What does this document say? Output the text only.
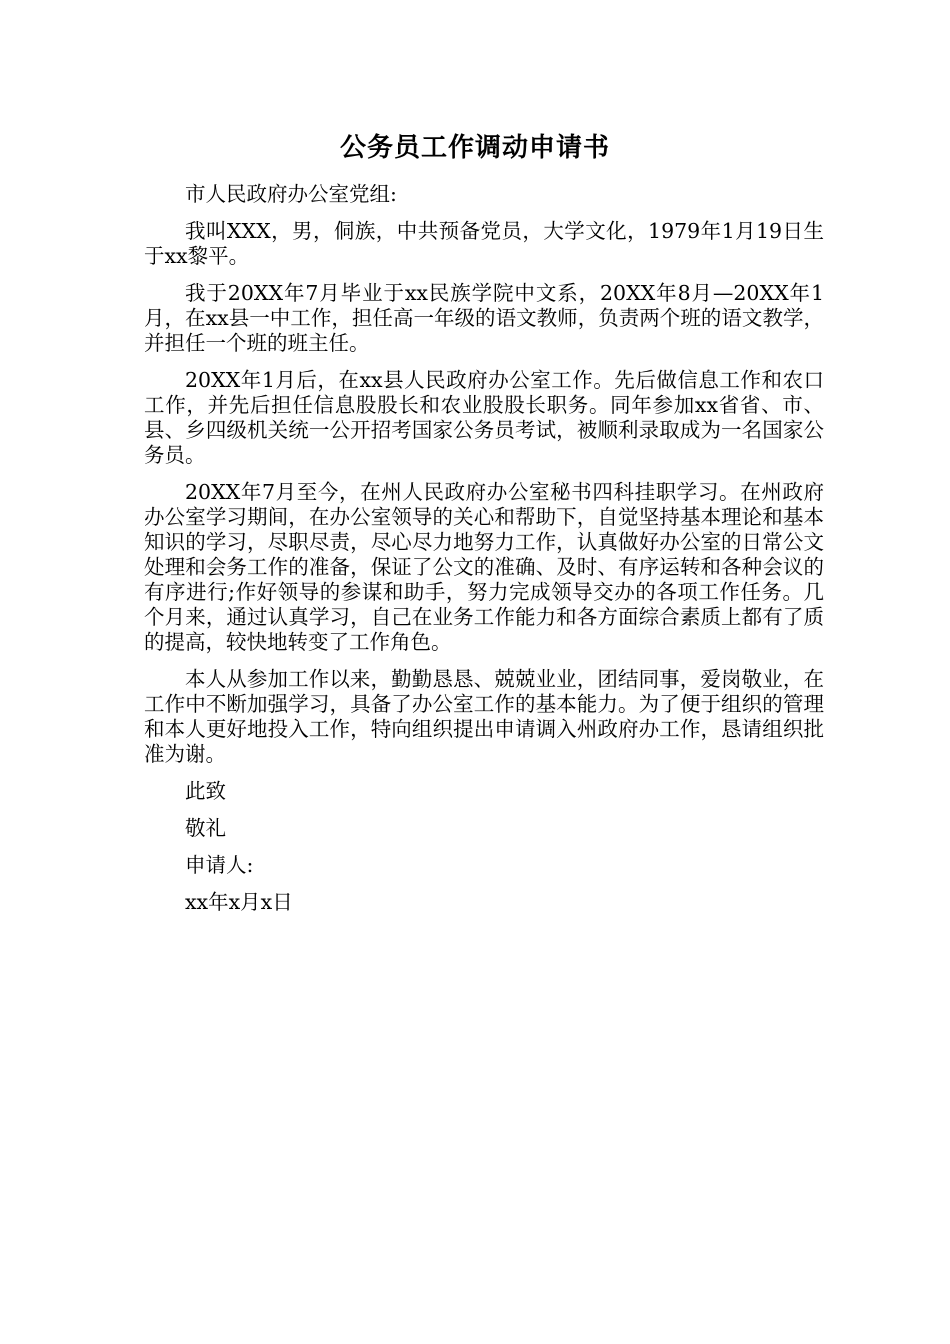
公务员工作调动申请书

市人民政府办公室党组:

我叫XXX，男，侗族，中共预备党员，大学文化，1979年1月19日生于xx黎平。

我于20XX年7月毕业于xx民族学院中文系，20XX年8月—20XX年1月，在xx县一中工作，担任高一年级的语文教师，负责两个班的语文教学，并担任一个班的班主任。

20XX年1月后，在xx县人民政府办公室工作。先后做信息工作和农口工作，并先后担任信息股股长和农业股股长职务。同年参加xx省省、市、县、乡四级机关统一公开招考国家公务员考试，被顺利录取成为一名国家公务员。

20XX年7月至今，在州人民政府办公室秘书四科挂职学习。在州政府办公室学习期间，在办公室领导的关心和帮助下，自觉坚持基本理论和基本知识的学习，尽职尽责，尽心尽力地努力工作，认真做好办公室的日常公文处理和会务工作的准备，保证了公文的准确、及时、有序运转和各种会议的有序进行;作好领导的参谋和助手，努力完成领导交办的各项工作任务。几个月来，通过认真学习，自己在业务工作能力和各方面综合素质上都有了质的提高，较快地转变了工作角色。

本人从参加工作以来，勤勤恳恳、兢兢业业，团结同事，爱岗敬业，在工作中不断加强学习，具备了办公室工作的基本能力。为了便于组织的管理和本人更好地投入工作，特向组织提出申请调入州政府办工作，恳请组织批准为谢。

此致

敬礼

申请人:

xx年x月x日
